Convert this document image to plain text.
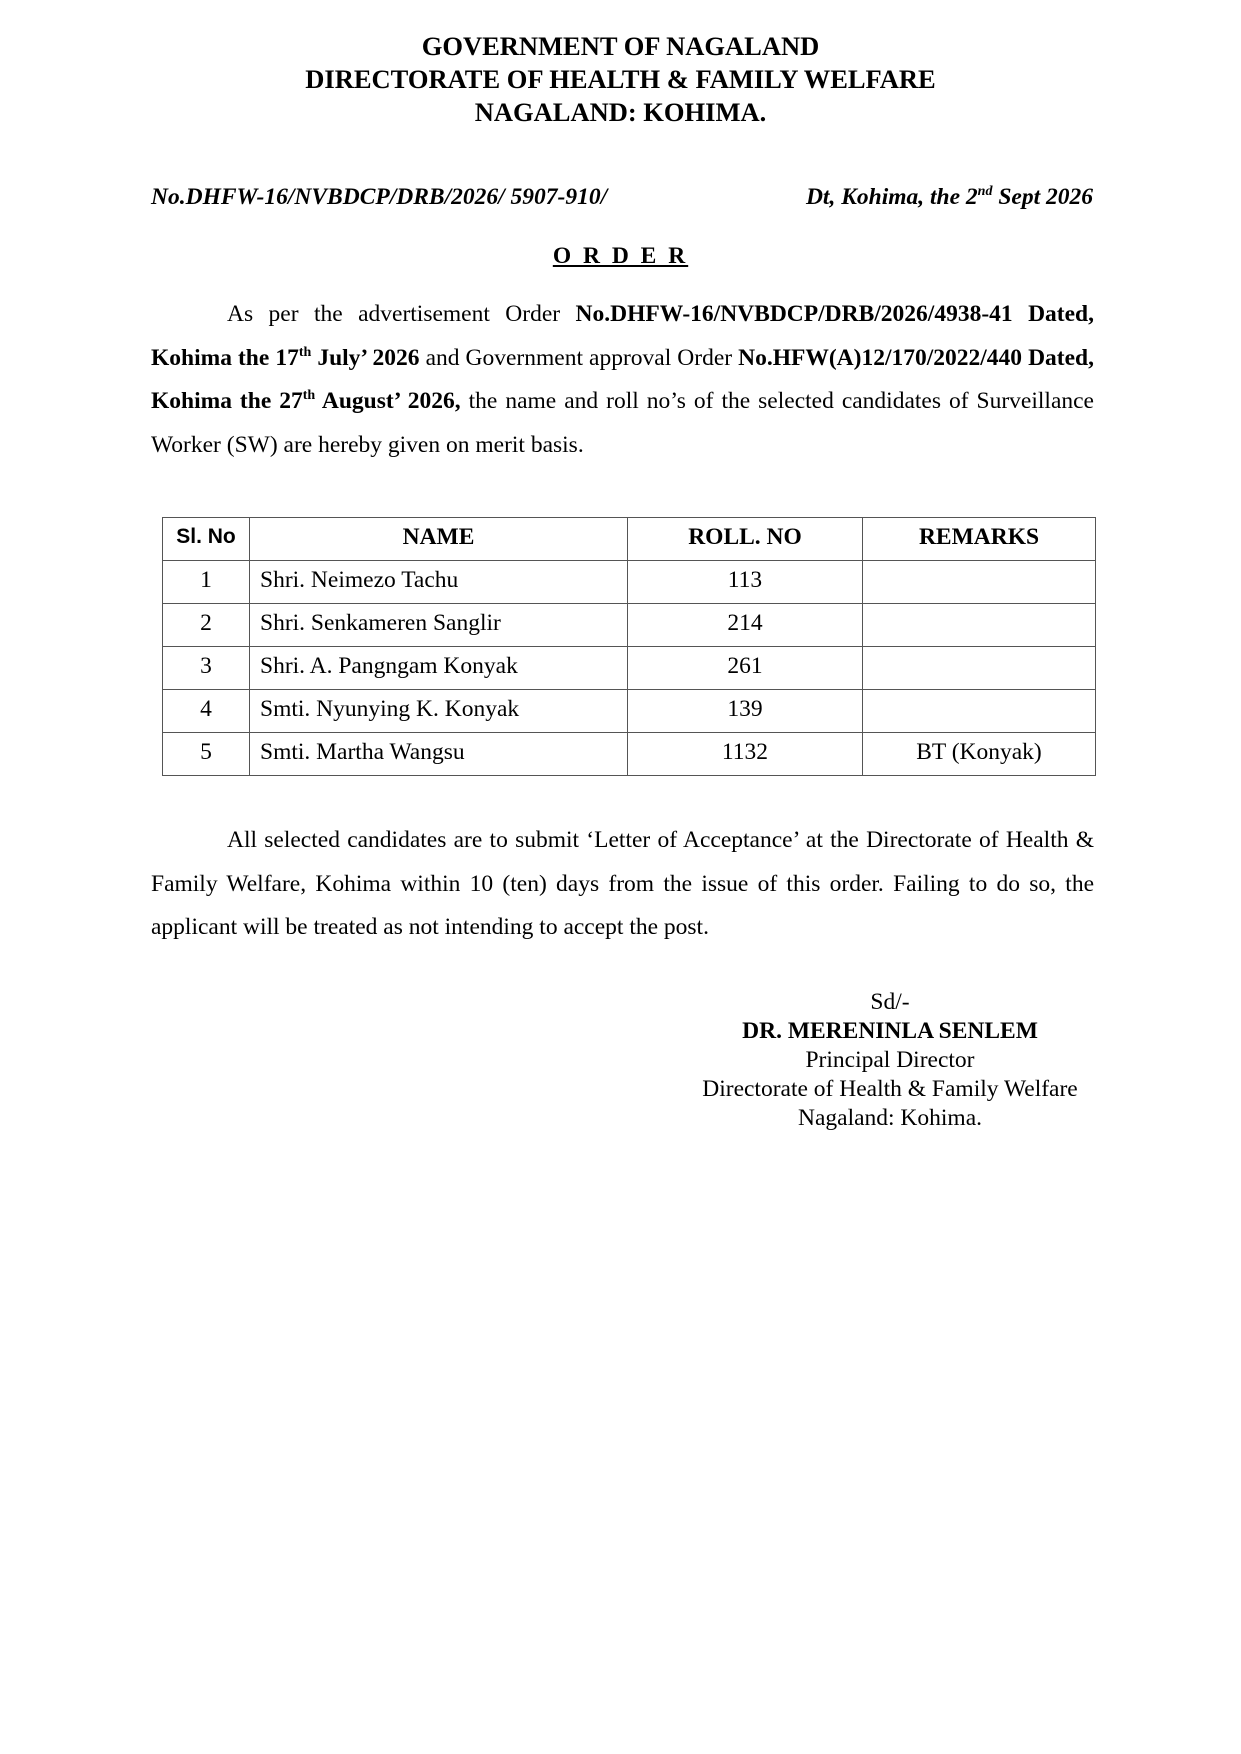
GOVERNMENT OF NAGALAND
DIRECTORATE OF HEALTH & FAMILY WELFARE
NAGALAND: KOHIMA.
No.DHFW-16/NVBDCP/DRB/2026/ 5907-910/	Dt, Kohima, the 2nd Sept 2026
O R D E R

As per the advertisement Order No.DHFW-16/NVBDCP/DRB/2026/4938-41 Dated, Kohima the 17th July’ 2026 and Government approval Order No.HFW(A)12/170/2022/440 Dated, Kohima the 27th August’ 2026, the name and roll no’s of the selected candidates of Surveillance Worker (SW) are hereby given on merit basis.

Sl. No	NAME	ROLL. NO	REMARKS
1	Shri. Neimezo Tachu	113	
2	Shri. Senkameren Sanglir	214	
3	Shri. A. Pangngam Konyak	261	
4	Smti. Nyunying K. Konyak	139	
5	Smti. Martha Wangsu	1132	BT (Konyak)

All selected candidates are to submit ‘Letter of Acceptance’ at the Directorate of Health & Family Welfare, Kohima within 10 (ten) days from the issue of this order. Failing to do so, the applicant will be treated as not intending to accept the post.

Sd/-
DR. MERENINLA SENLEM
Principal Director
Directorate of Health & Family Welfare
Nagaland: Kohima.
